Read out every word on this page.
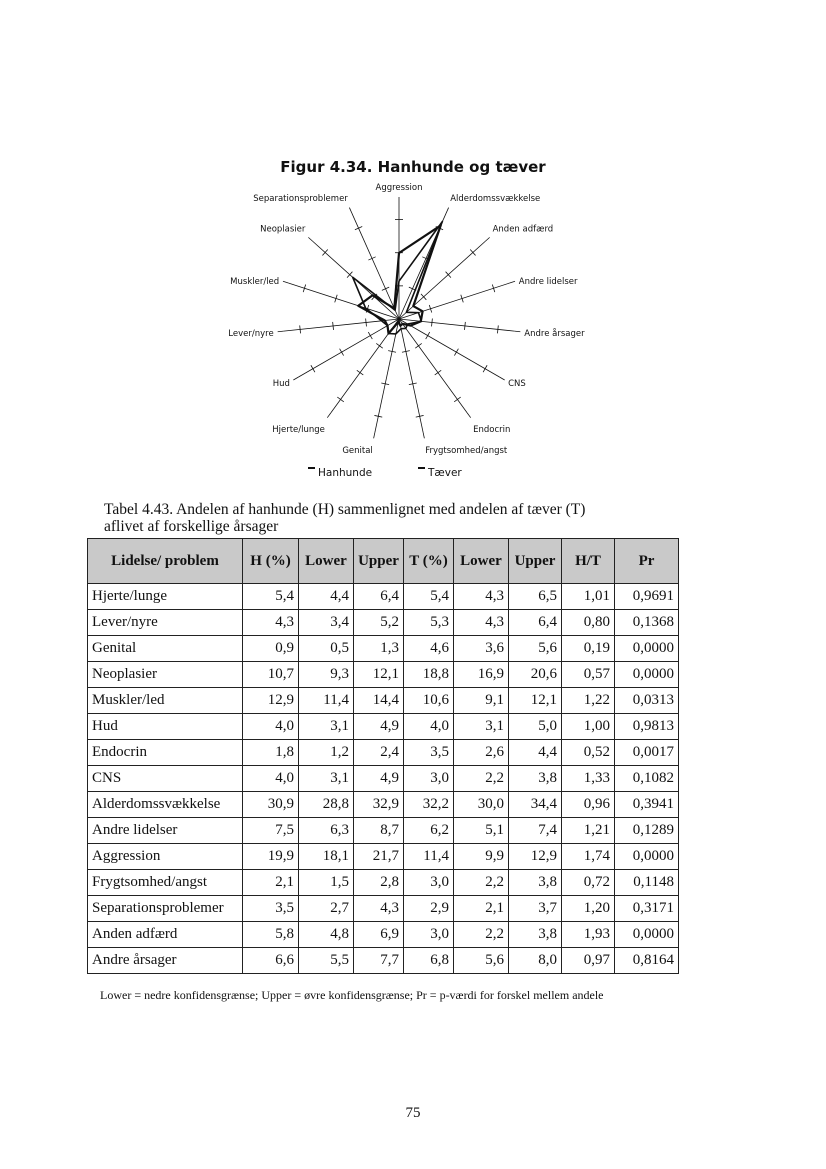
Figur 4.34. Hanhunde og tæver
Aggression
Alderdomssvækkelse
Anden adfærd
Andre lidelser
Andre årsager
CNS
Endocrin
Frygtsomhed/angst
Genital
Hjerte/lunge
Hud
Lever/nyre
Muskler/led
Neoplasier
Separationsproblemer
Hanhunde	Tæver
Tabel 4.43. Andelen af hanhunde (H) sammenlignet med andelen af tæver (T) aflivet af forskellige årsager
Lidelse/ problem	H (%)	Lower	Upper	T (%)	Lower	Upper	H/T	Pr
Hjerte/lunge	5,4	4,4	6,4	5,4	4,3	6,5	1,01	0,9691
Lever/nyre	4,3	3,4	5,2	5,3	4,3	6,4	0,80	0,1368
Genital	0,9	0,5	1,3	4,6	3,6	5,6	0,19	0,0000
Neoplasier	10,7	9,3	12,1	18,8	16,9	20,6	0,57	0,0000
Muskler/led	12,9	11,4	14,4	10,6	9,1	12,1	1,22	0,0313
Hud	4,0	3,1	4,9	4,0	3,1	5,0	1,00	0,9813
Endocrin	1,8	1,2	2,4	3,5	2,6	4,4	0,52	0,0017
CNS	4,0	3,1	4,9	3,0	2,2	3,8	1,33	0,1082
Alderdomssvækkelse	30,9	28,8	32,9	32,2	30,0	34,4	0,96	0,3941
Andre lidelser	7,5	6,3	8,7	6,2	5,1	7,4	1,21	0,1289
Aggression	19,9	18,1	21,7	11,4	9,9	12,9	1,74	0,0000
Frygtsomhed/angst	2,1	1,5	2,8	3,0	2,2	3,8	0,72	0,1148
Separationsproblemer	3,5	2,7	4,3	2,9	2,1	3,7	1,20	0,3171
Anden adfærd	5,8	4,8	6,9	3,0	2,2	3,8	1,93	0,0000
Andre årsager	6,6	5,5	7,7	6,8	5,6	8,0	0,97	0,8164
Lower = nedre konfidensgrænse; Upper = øvre konfidensgrænse; Pr = p-værdi for forskel mellem andele
75
